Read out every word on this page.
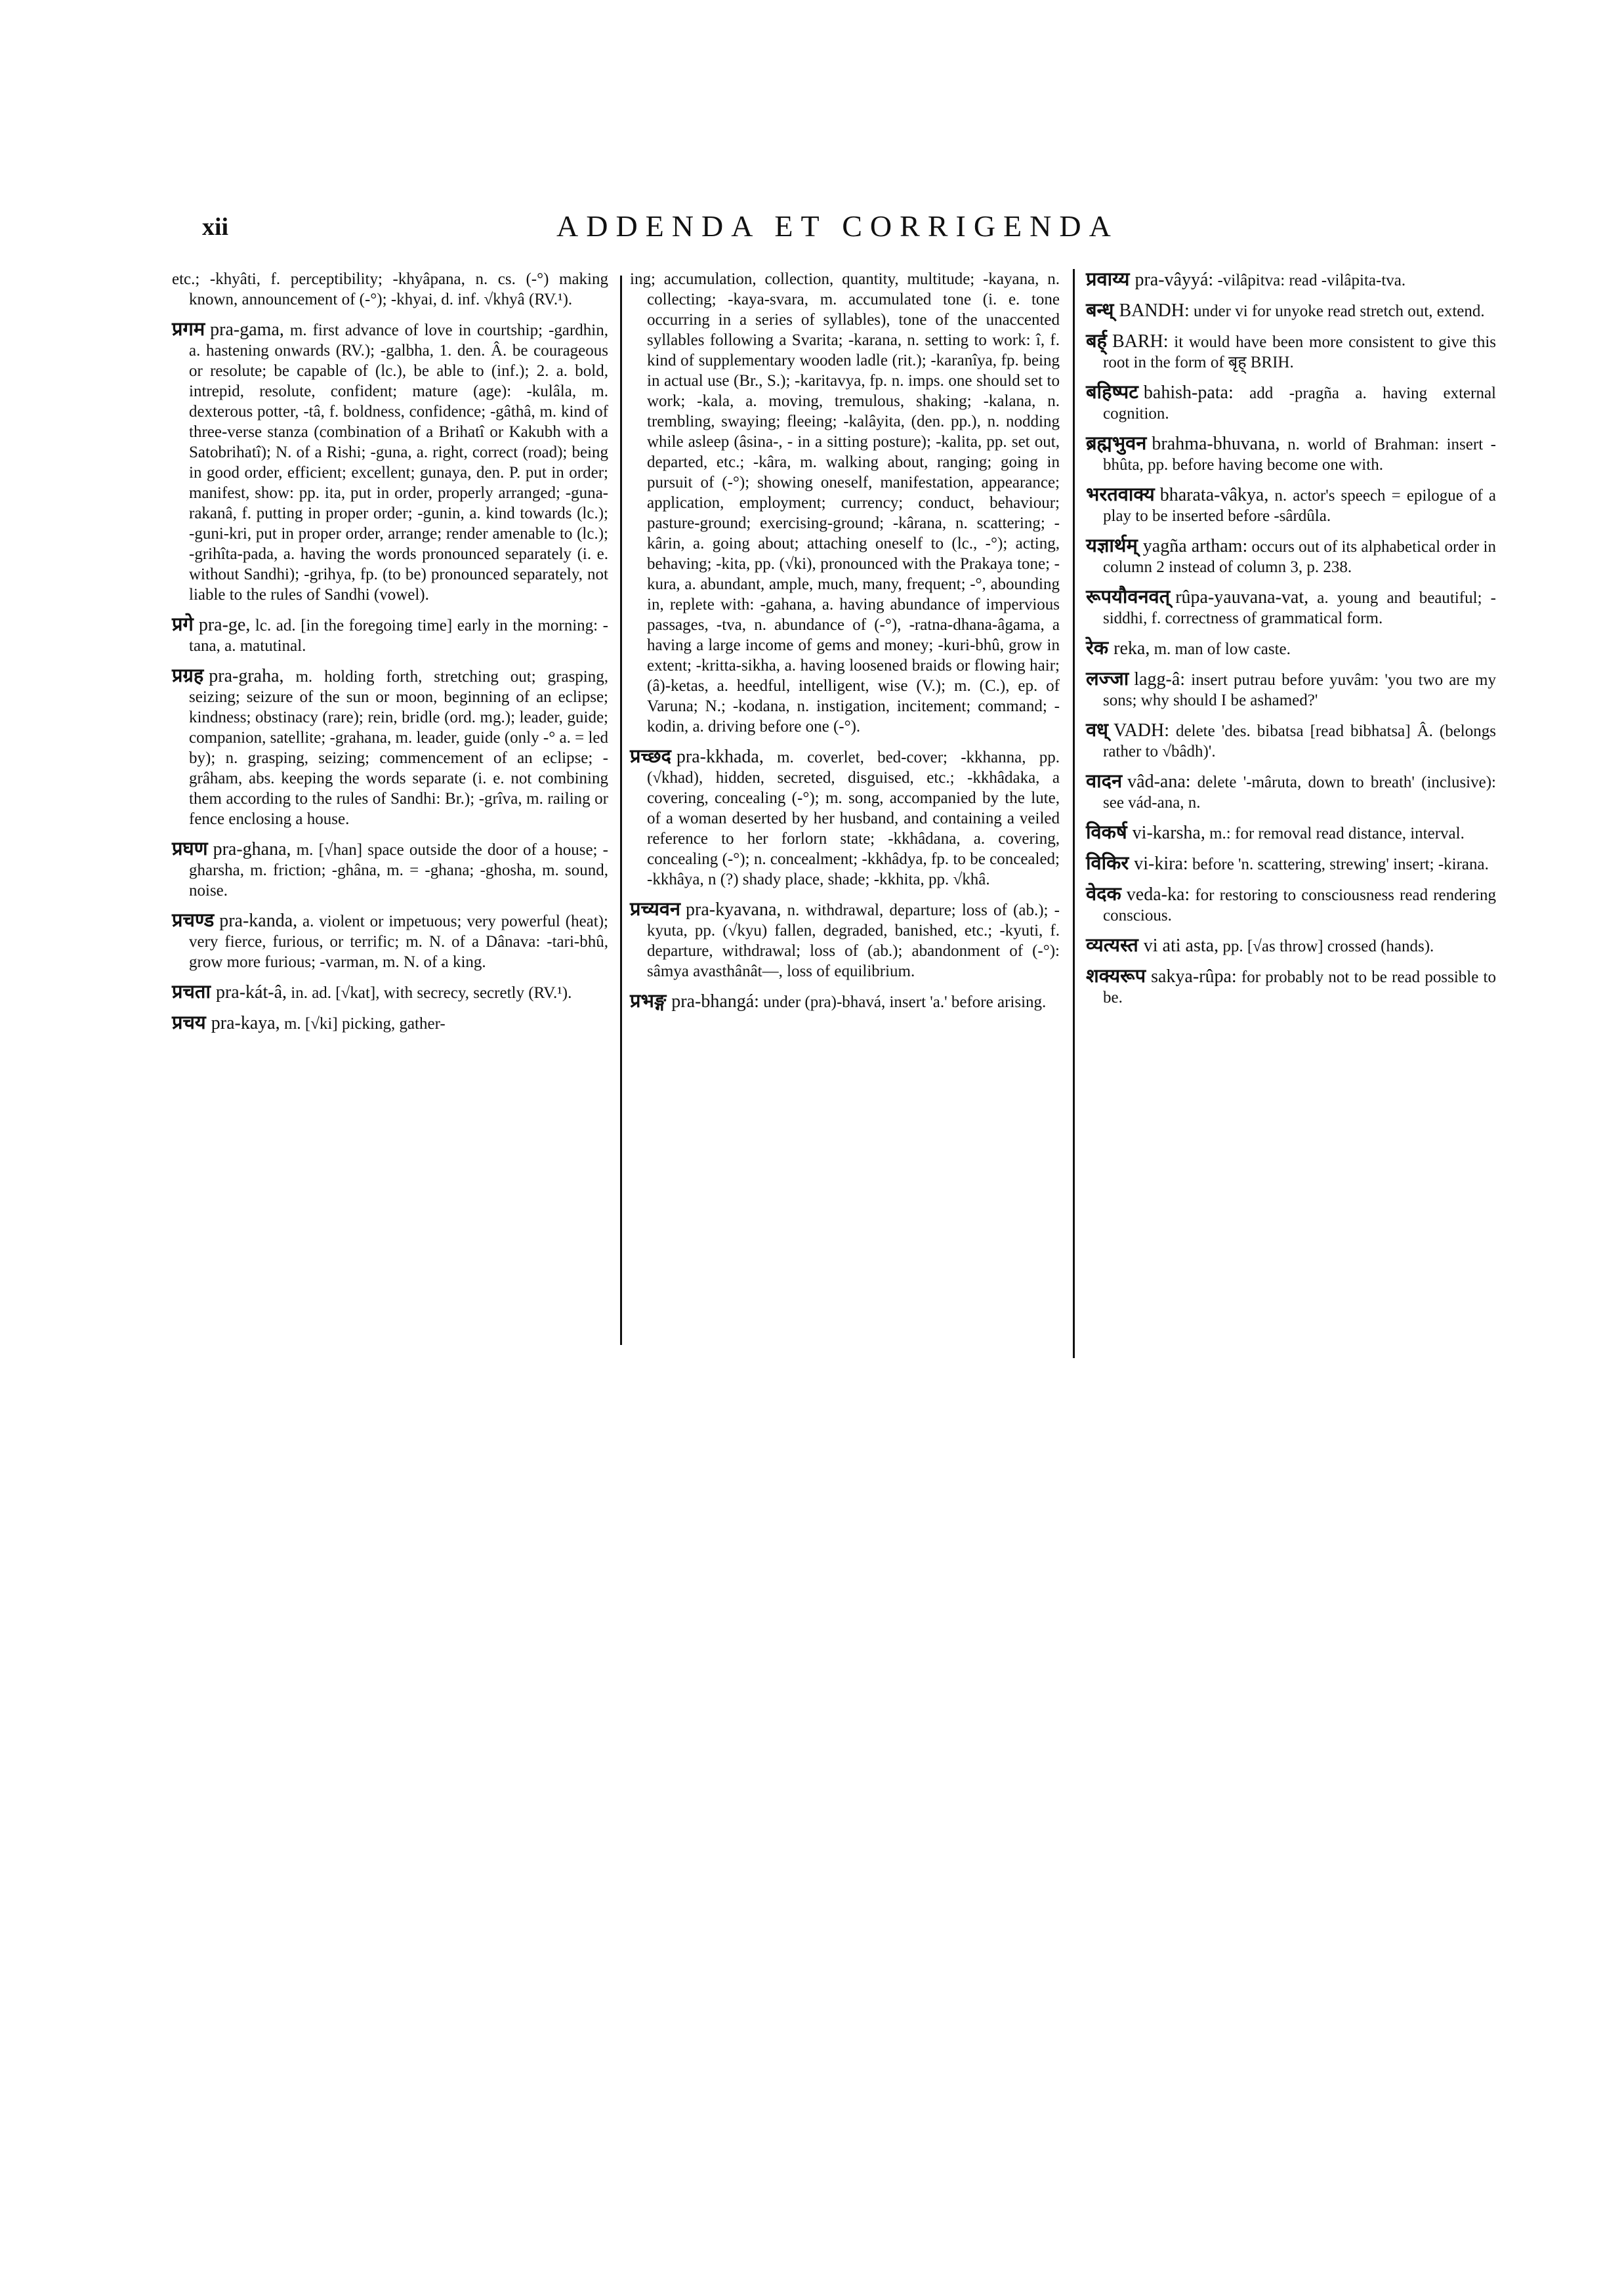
xii	ADDENDA ET CORRIGENDA

etc.; -khyâti, f. perceptibility; -khyâpana, n. cs. (-°) making known, announcement of (-°); -khyai, d. inf. √khyâ (RV.¹).

प्रगम pra-gama, m. first advance of love in courtship; -gardhin, a. hastening onwards (RV.); -galbha, 1. den. Â. be courageous or resolute; be capable of (lc.), be able to (inf.); 2. a. bold, intrepid, resolute, confident; mature (age): -kulâla, m. dexterous potter, -tâ, f. boldness, confidence; -gâthâ, m. kind of three-verse stanza (combination of a Brihatî or Kakubh with a Satobrihatî); N. of a Rishi; -guna, a. right, correct (road); being in good order, efficient; excellent; gunaya, den. P. put in order; manifest, show: pp. ita, put in order, properly arranged; -guna-rakanâ, f. putting in proper order; -gunin, a. kind towards (lc.); -guni-kri, put in proper order, arrange; render amenable to (lc.); -grihîta-pada, a. having the words pronounced separately (i. e. without Sandhi); -grihya, fp. (to be) pronounced separately, not liable to the rules of Sandhi (vowel).

प्रगे pra-ge, lc. ad. [in the foregoing time] early in the morning: -tana, a. matutinal.

प्रग्रह pra-graha, m. holding forth, stretching out; grasping, seizing; seizure of the sun or moon, beginning of an eclipse; kindness; obstinacy (rare); rein, bridle (ord. mg.); leader, guide; companion, satellite; -grahana, m. leader, guide (only -° a. = led by); n. grasping, seizing; commencement of an eclipse; -grâham, abs. keeping the words separate (i. e. not combining them according to the rules of Sandhi: Br.); -grîva, m. railing or fence enclosing a house.

प्रघण pra-ghana, m. [√han] space outside the door of a house; -gharsha, m. friction; -ghâna, m. = -ghana; -ghosha, m. sound, noise.

प्रचण्ड pra-kanda, a. violent or impetuous; very powerful (heat); very fierce, furious, or terrific; m. N. of a Dânava: -tari-bhû, grow more furious; -varman, m. N. of a king.

प्रचता pra-kát-â, in. ad. [√kat], with secrecy, secretly (RV.¹).

प्रचय pra-kaya, m. [√ki] picking, gather-

ing; accumulation, collection, quantity, multitude; -kayana, n. collecting; -kaya-svara, m. accumulated tone (i. e. tone occurring in a series of syllables), tone of the unaccented syllables following a Svarita; -karana, n. setting to work: î, f. kind of supplementary wooden ladle (rit.); -karanîya, fp. being in actual use (Br., S.); -karitavya, fp. n. imps. one should set to work; -kala, a. moving, tremulous, shaking; -kalana, n. trembling, swaying; fleeing; -kalâyita, (den. pp.), n. nodding while asleep (âsina-, - in a sitting posture); -kalita, pp. set out, departed, etc.; -kâra, m. walking about, ranging; going in pursuit of (-°); showing oneself, manifestation, appearance; application, employment; currency; conduct, behaviour; pasture-ground; exercising-ground; -kârana, n. scattering; -kârin, a. going about; attaching oneself to (lc., -°); acting, behaving; -kita, pp. (√ki), pronounced with the Prakaya tone; -kura, a. abundant, ample, much, many, frequent; -°, abounding in, replete with: -gahana, a. having abundance of impervious passages, -tva, n. abundance of (-°), -ratna-dhana-âgama, a having a large income of gems and money; -kuri-bhû, grow in extent; -kritta-sikha, a. having loosened braids or flowing hair; (â)-ketas, a. heedful, intelligent, wise (V.); m. (C.), ep. of Varuna; N.; -kodana, n. instigation, incitement; command; -kodin, a. driving before one (-°).

प्रच्छद pra-kkhada, m. coverlet, bed-cover; -kkhanna, pp. (√khad), hidden, secreted, disguised, etc.; -kkhâdaka, a covering, concealing (-°); m. song, accompanied by the lute, of a woman deserted by her husband, and containing a veiled reference to her forlorn state; -kkhâdana, a. covering, concealing (-°); n. concealment; -kkhâdya, fp. to be concealed; -kkhâya, n (?) shady place, shade; -kkhita, pp. √khâ.

प्रच्यवन pra-kyavana, n. withdrawal, departure; loss of (ab.); -kyuta, pp. (√kyu) fallen, degraded, banished, etc.; -kyuti, f. departure, withdrawal; loss of (ab.); abandonment of (-°): sâmya avasthânât—, loss of equilibrium.

प्रभङ्ग pra-bhangá: under (pra)-bhavá, insert 'a.' before arising.

प्रवाय्य pra-vâyyá: -vilâpitva: read -vilâpita-tva.

बन्ध् BANDH: under vi for unyoke read stretch out, extend.

बर्ह् BARH: it would have been more consistent to give this root in the form of बृह् BRIH.

बहिष्पट bahish-pata: add -pragña a. having external cognition.

ब्रह्मभुवन brahma-bhuvana, n. world of Brahman: insert -bhûta, pp. before having become one with.

भरतवाक्य bharata-vâkya, n. actor's speech = epilogue of a play to be inserted before -sârdûla.

यज्ञार्थम् yagña artham: occurs out of its alphabetical order in column 2 instead of column 3, p. 238.

रूपयौवनवत् rûpa-yauvana-vat, a. young and beautiful; -siddhi, f. correctness of grammatical form.

रेक reka, m. man of low caste.

लज्जा lagg-â: insert putrau before yuvâm: 'you two are my sons; why should I be ashamed?'

वध् VADH: delete 'des. bibatsa [read bibhatsa] Â. (belongs rather to √bâdh)'.

वादन vâd-ana: delete '-mâruta, down to breath' (inclusive): see vád-ana, n.

विकर्ष vi-karsha, m.: for removal read distance, interval.

विकिर vi-kira: before 'n. scattering, strewing' insert; -kirana.

वेदक veda-ka: for restoring to consciousness read rendering conscious.

व्यत्यस्त vi ati asta, pp. [√as throw] crossed (hands).

शक्यरूप sakya-rûpa: for probably not to be read possible to be.
